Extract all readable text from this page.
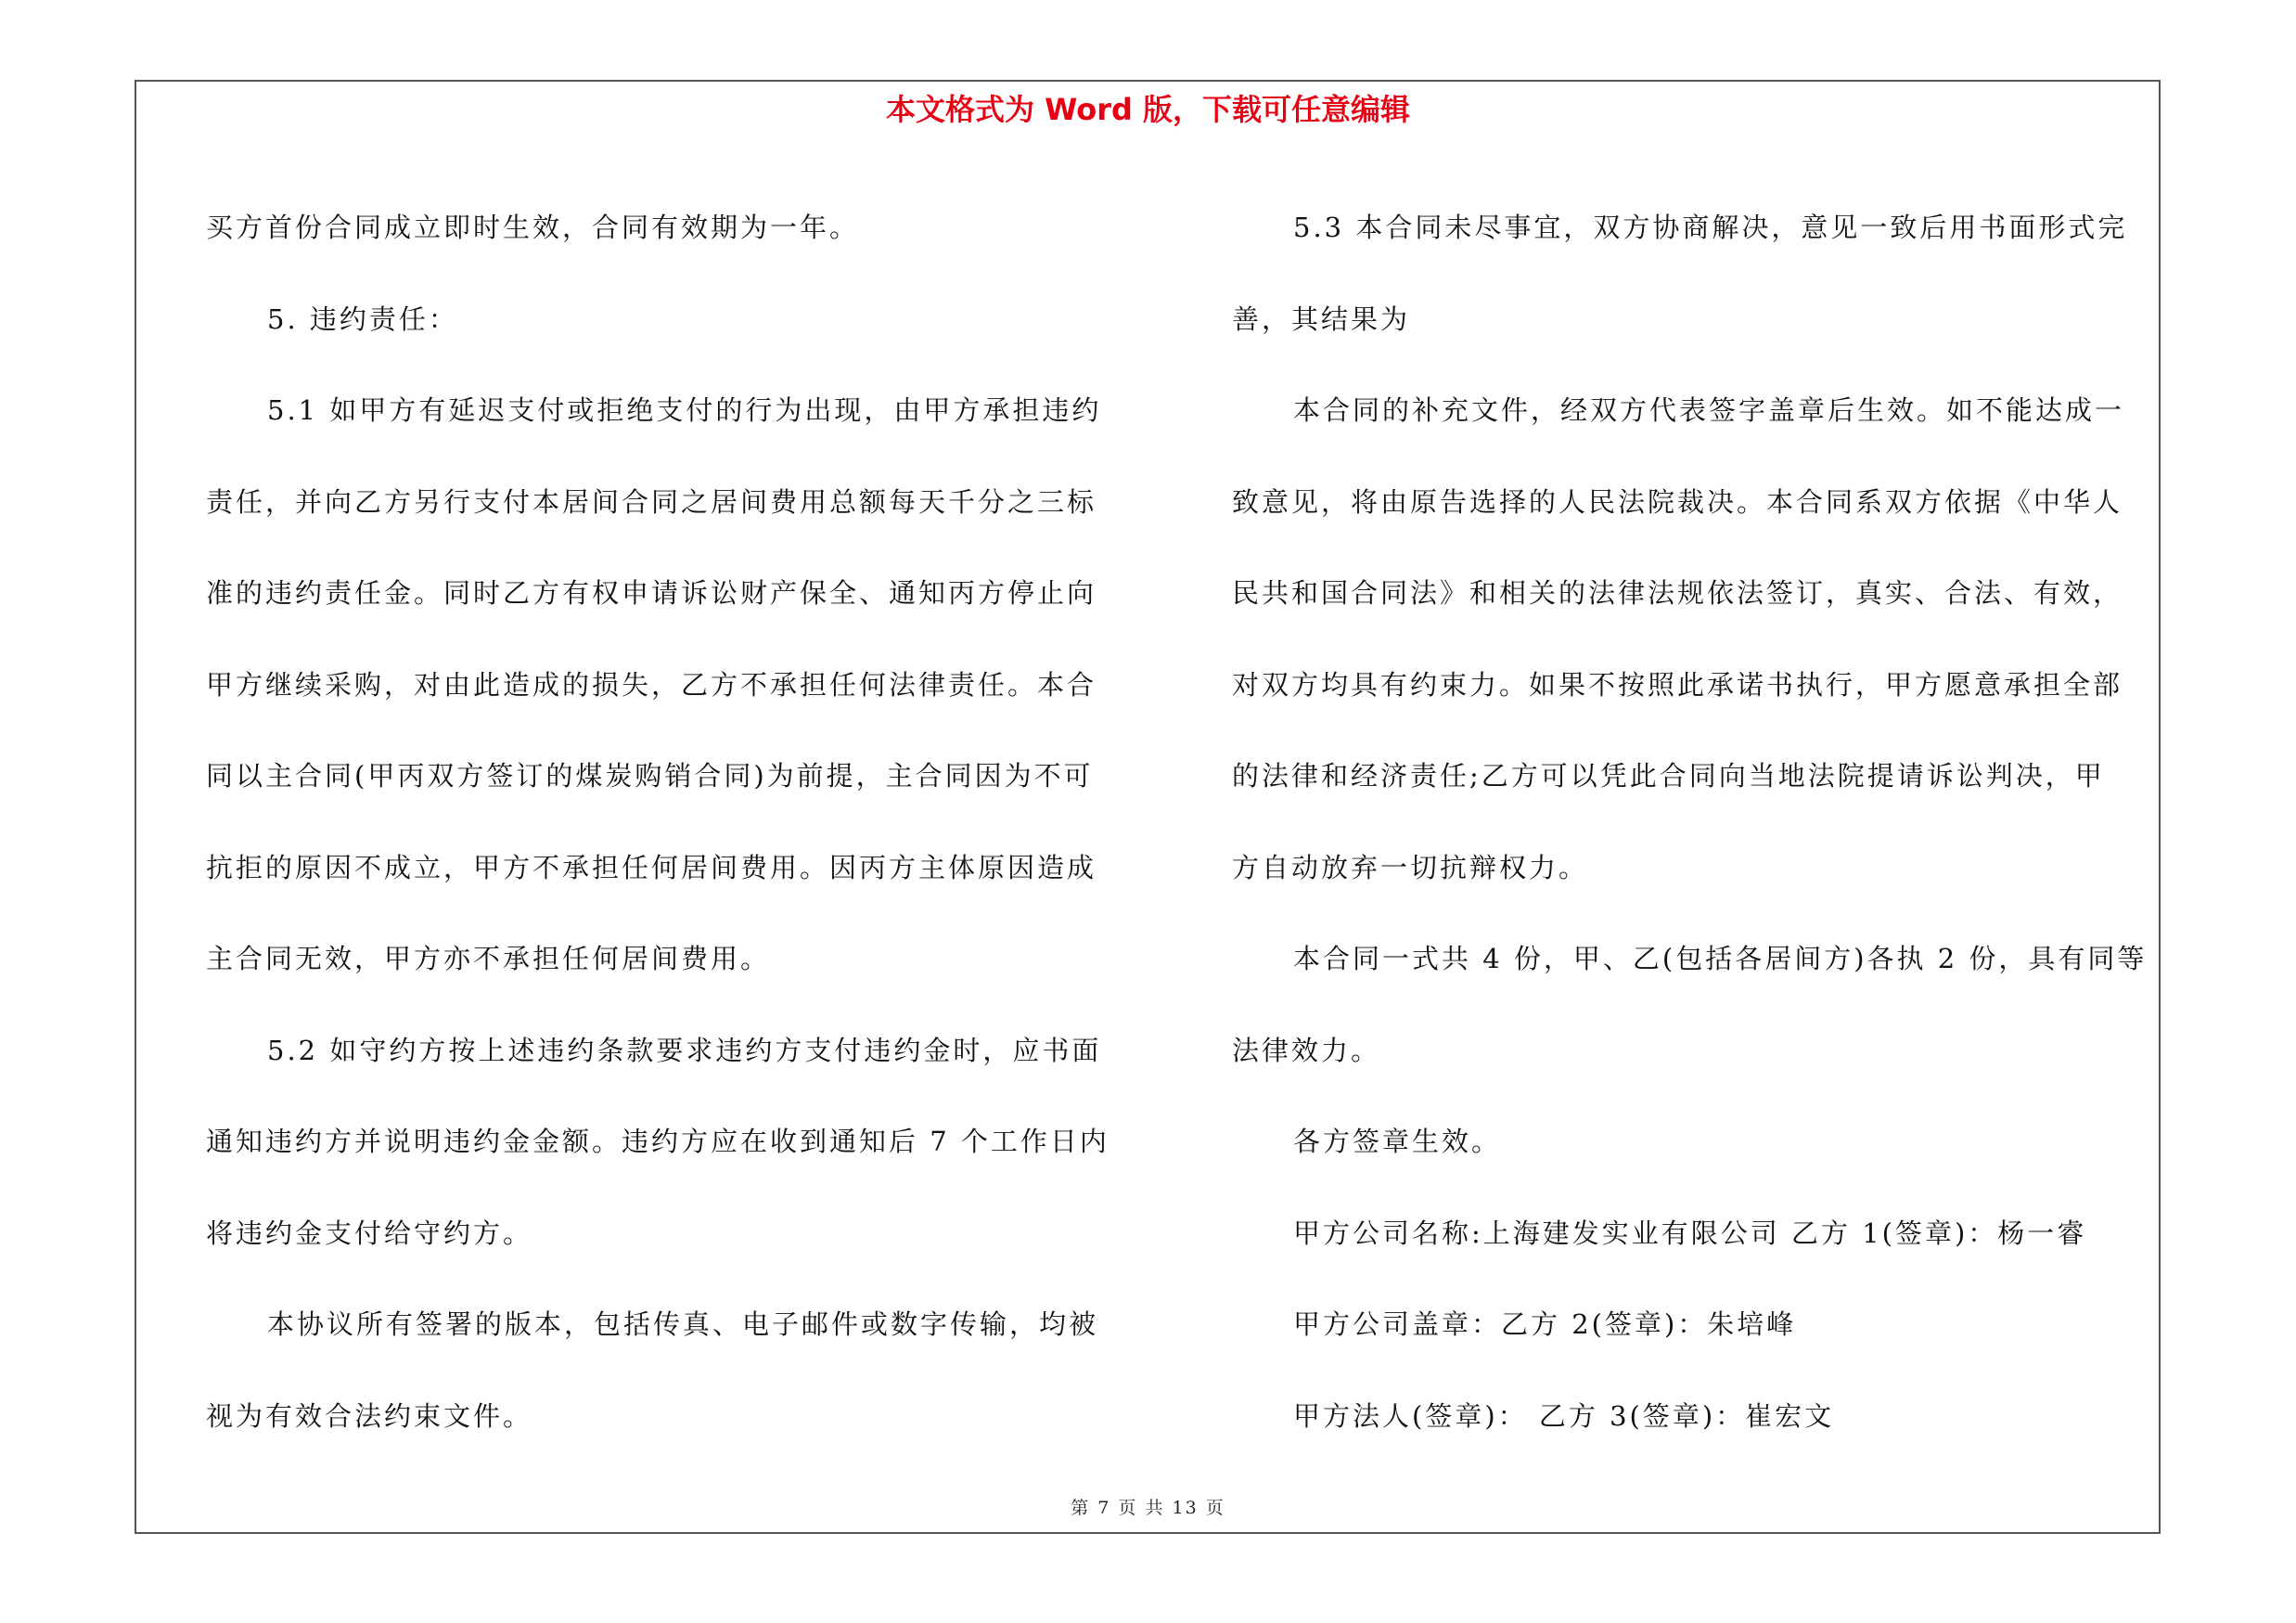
本文格式为 Word 版，下载可任意编辑

买方首份合同成立即时生效，合同有效期为一年。

5. 违约责任：

5.1 如甲方有延迟支付或拒绝支付的行为出现，由甲方承担违约

责任，并向乙方另行支付本居间合同之居间费用总额每天千分之三标

准的违约责任金。同时乙方有权申请诉讼财产保全、通知丙方停止向

甲方继续采购，对由此造成的损失，乙方不承担任何法律责任。本合

同以主合同(甲丙双方签订的煤炭购销合同)为前提，主合同因为不可

抗拒的原因不成立，甲方不承担任何居间费用。因丙方主体原因造成

主合同无效，甲方亦不承担任何居间费用。

5.2 如守约方按上述违约条款要求违约方支付违约金时，应书面

通知违约方并说明违约金金额。违约方应在收到通知后 7 个工作日内

将违约金支付给守约方。

本协议所有签署的版本，包括传真、电子邮件或数字传输，均被

视为有效合法约束文件。

5.3 本合同未尽事宜，双方协商解决，意见一致后用书面形式完

善，其结果为

本合同的补充文件，经双方代表签字盖章后生效。如不能达成一

致意见，将由原告选择的人民法院裁决。本合同系双方依据《中华人

民共和国合同法》和相关的法律法规依法签订，真实、合法、有效，

对双方均具有约束力。如果不按照此承诺书执行，甲方愿意承担全部

的法律和经济责任;乙方可以凭此合同向当地法院提请诉讼判决，甲

方自动放弃一切抗辩权力。

本合同一式共 4 份，甲、乙(包括各居间方)各执 2 份，具有同等

法律效力。

各方签章生效。

甲方公司名称:上海建发实业有限公司 乙方 1(签章)：杨一睿

甲方公司盖章：乙方 2(签章)：朱培峰

甲方法人(签章)： 乙方 3(签章)：崔宏文

第 7 页 共 13 页
